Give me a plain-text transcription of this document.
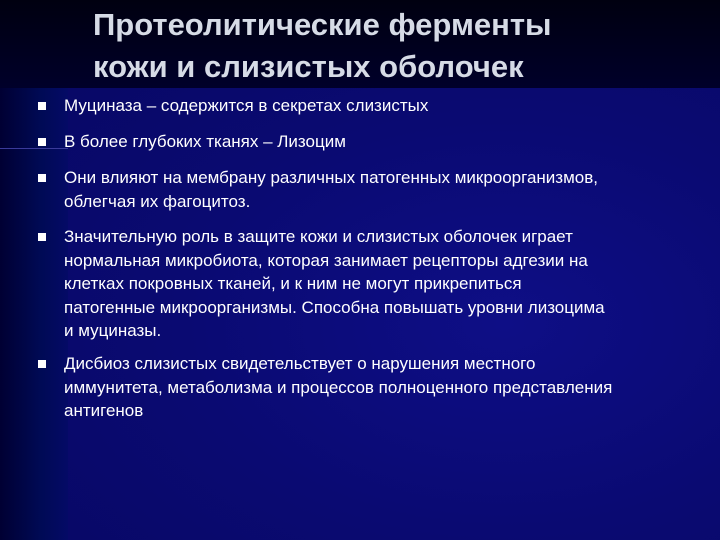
Протеолитические ферменты
кожи и слизистых оболочек
Муциназа – содержится в секретах слизистых
В более глубоких тканях – Лизоцим
Они влияют на мембрану различных патогенных микроорганизмов,
облегчая их фагоцитоз.
Значительную роль в защите кожи и слизистых оболочек играет
нормальная микробиота, которая занимает рецепторы адгезии на
клетках покровных тканей, и к ним не могут прикрепиться
патогенные микроорганизмы. Способна повышать уровни лизоцима
и муциназы.
Дисбиоз слизистых свидетельствует о нарушения местного
иммунитета, метаболизма и процессов полноценного представления
антигенов
